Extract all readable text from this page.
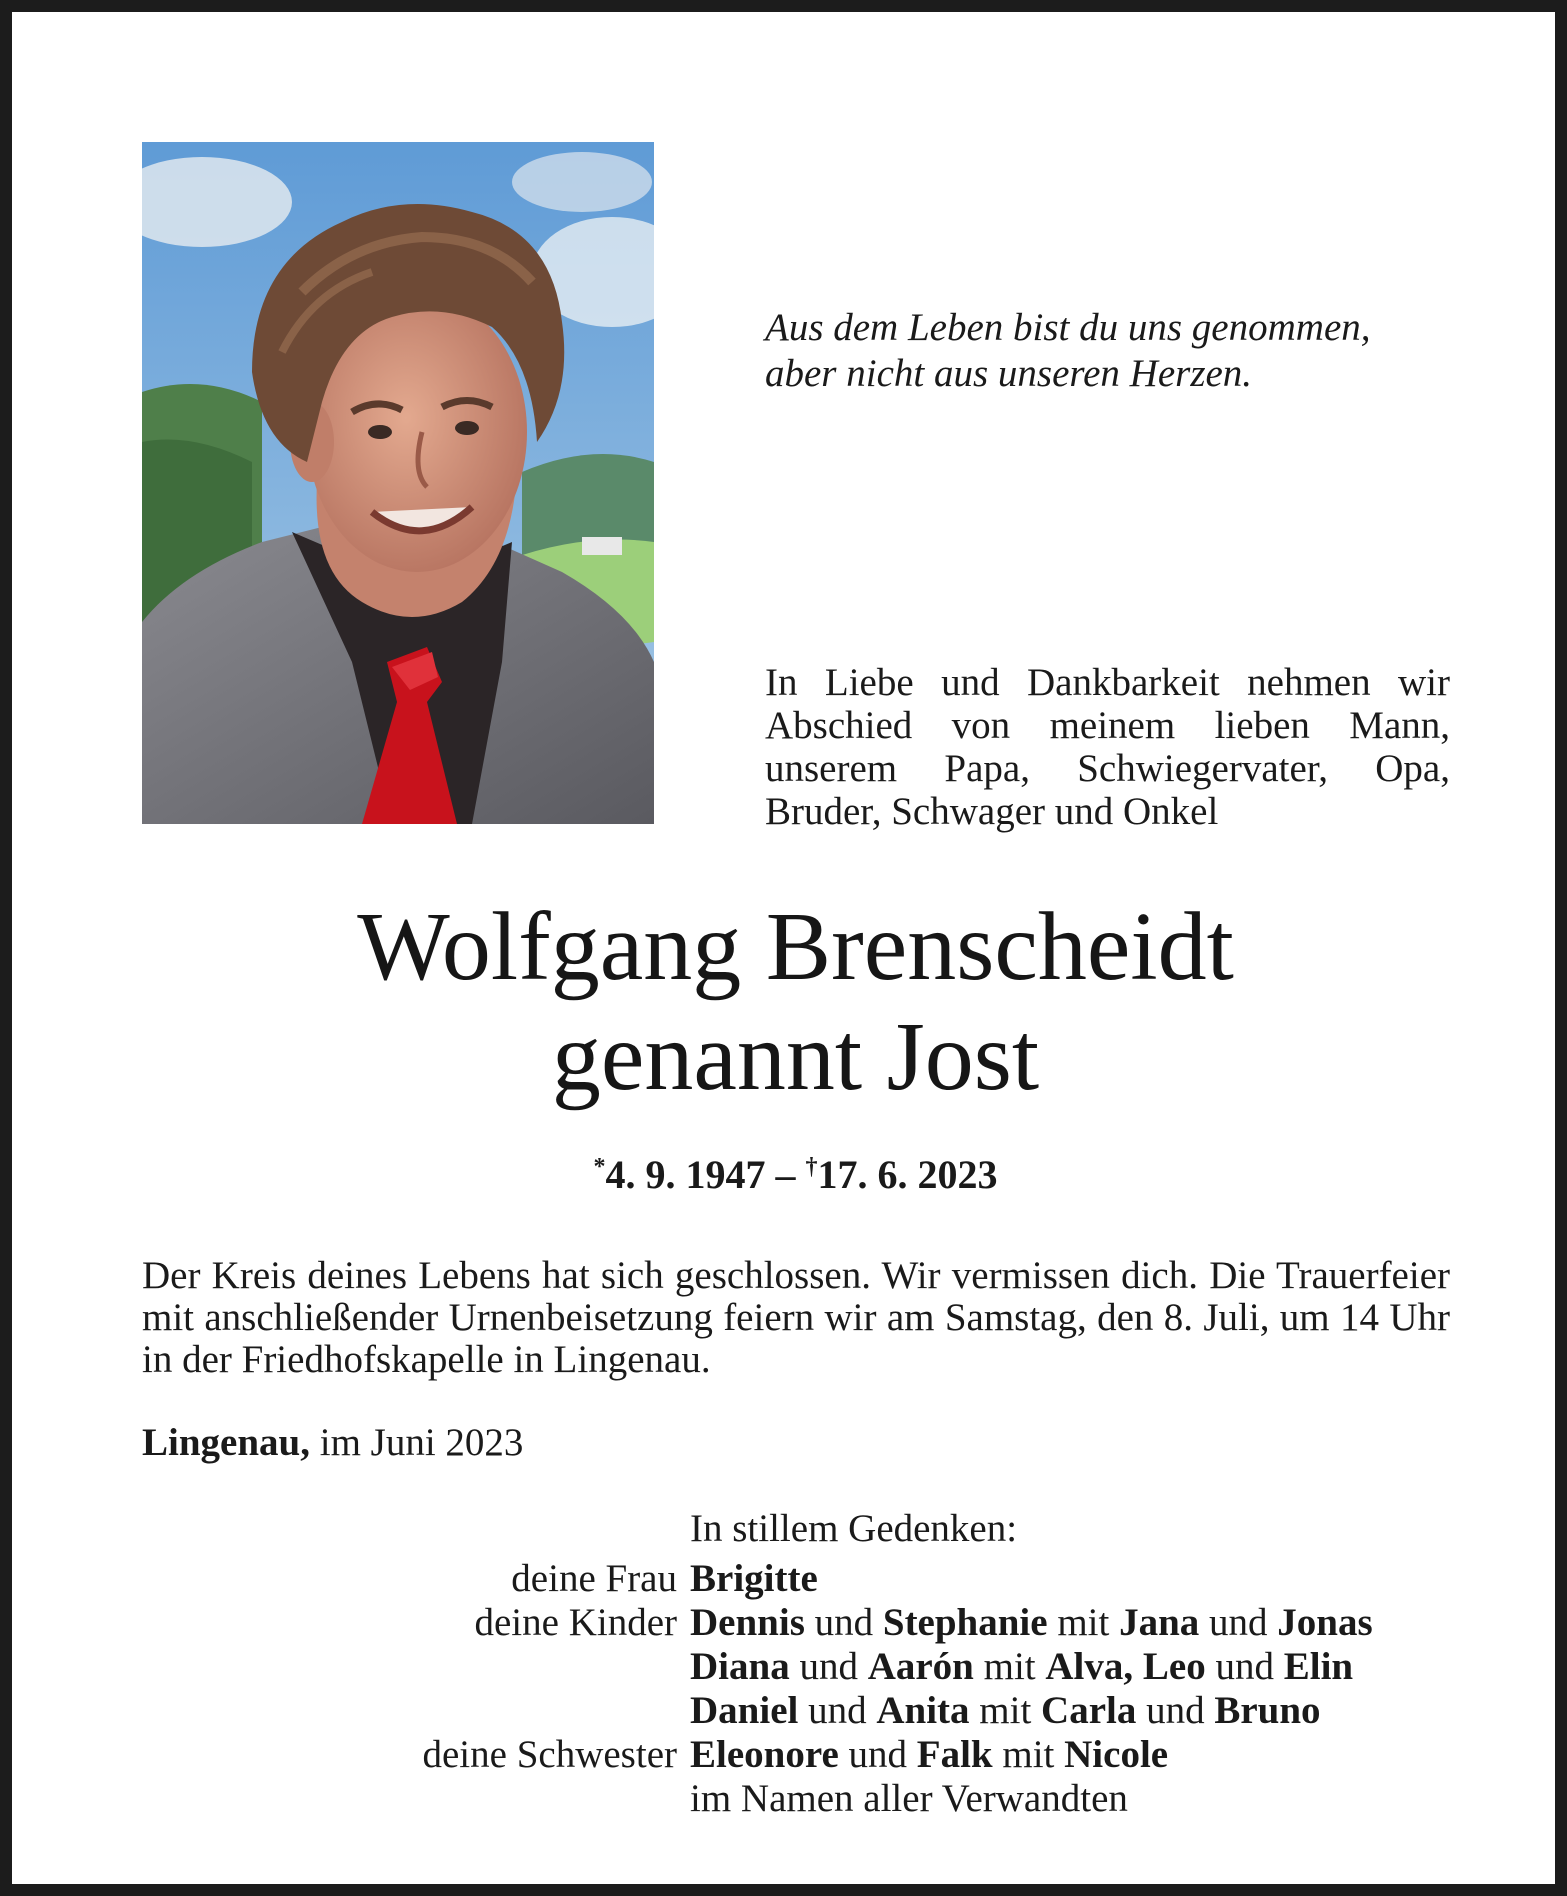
Aus dem Leben bist du uns genommen,
aber nicht aus unseren Herzen.
In Liebe und Dankbarkeit nehmen wir Abschied von meinem lieben Mann, unserem Papa, Schwiegervater, Opa, Bruder, Schwager und Onkel
Wolfgang Brenscheidt
genannt Jost
*4. 9. 1947 – †17. 6. 2023
Der Kreis deines Lebens hat sich geschlossen. Wir vermissen dich. Die Trauerfeier mit anschließender Urnenbeisetzung feiern wir am Samstag, den 8. Juli, um 14 Uhr in der Friedhofskapelle in Lingenau.
Lingenau, im Juni 2023
In stillem Gedenken:
deine Frau Brigitte
deine Kinder Dennis und Stephanie mit Jana und Jonas
Diana und Aarón mit Alva, Leo und Elin
Daniel und Anita mit Carla und Bruno
deine Schwester Eleonore und Falk mit Nicole
im Namen aller Verwandten
